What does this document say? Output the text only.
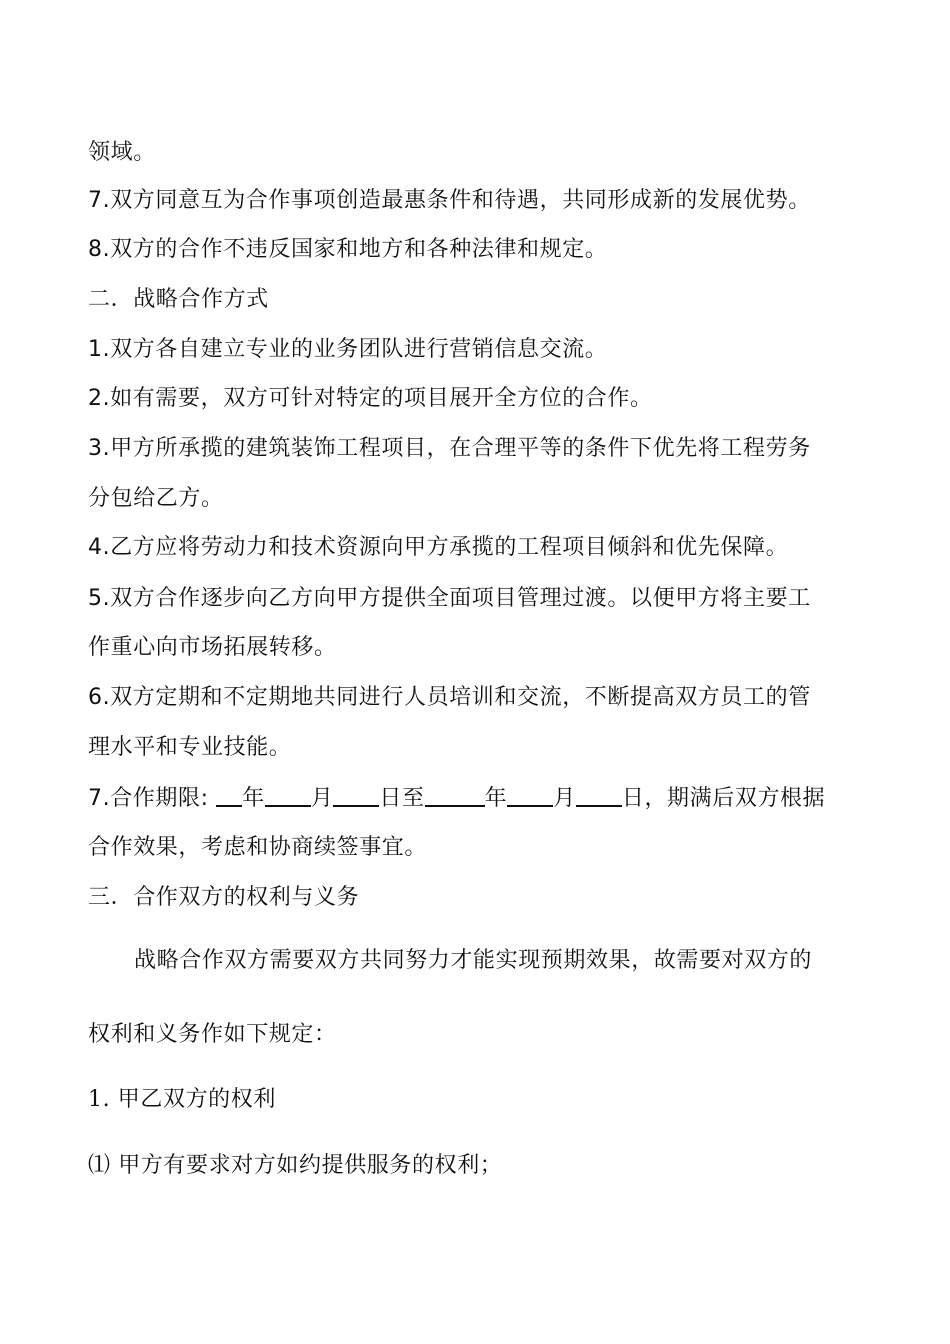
领域。
7.双方同意互为合作事项创造最惠条件和待遇，共同形成新的发展优势。
8.双方的合作不违反国家和地方和各种法律和规定。
二．战略合作方式
1.双方各自建立专业的业务团队进行营销信息交流。
2.如有需要，双方可针对特定的项目展开全方位的合作。
3.甲方所承揽的建筑装饰工程项目，在合理平等的条件下优先将工程劳务
分包给乙方。
4.乙方应将劳动力和技术资源向甲方承揽的工程项目倾斜和优先保障。
5.双方合作逐步向乙方向甲方提供全面项目管理过渡。以便甲方将主要工
作重心向市场拓展转移。
6.双方定期和不定期地共同进行人员培训和交流，不断提高双方员工的管
理水平和专业技能。
7.合作期限: 年 月 日至	年 月 日，期满后双方根据
合作效果，考虑和协商续签事宜。
三．合作双方的权利与义务
战略合作双方需要双方共同努力才能实现预期效果，故需要对双方的
权利和义务作如下规定：
1. 甲乙双方的权利
⑴ 甲方有要求对方如约提供服务的权利；
